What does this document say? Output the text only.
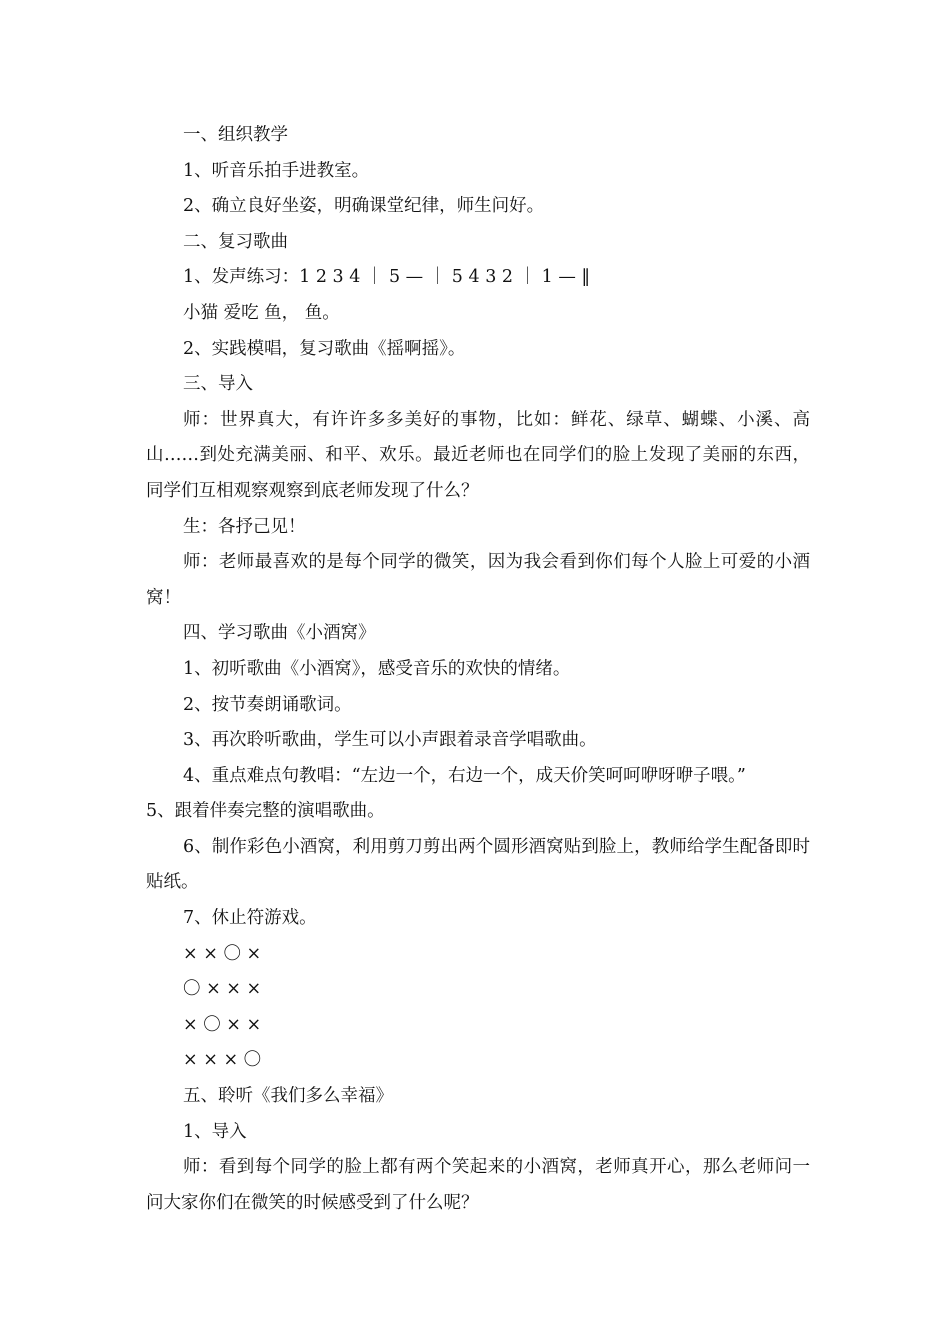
一、组织教学

1、听音乐拍手进教室。

2、确立良好坐姿，明确课堂纪律，师生问好。

二、复习歌曲

1、发声练习：1 2 3 4 ｜ 5 — ｜ 5 4 3 2 ｜ 1 — ‖

小猫 爱吃 鱼， 鱼。

2、实践模唱，复习歌曲《摇啊摇》。

三、导入

师：世界真大，有许许多多美好的事物，比如：鲜花、绿草、蝴蝶、小溪、高山……到处充满美丽、和平、欢乐。最近老师也在同学们的脸上发现了美丽的东西，同学们互相观察观察到底老师发现了什么？

生：各抒己见！

师：老师最喜欢的是每个同学的微笑，因为我会看到你们每个人脸上可爱的小酒窝！

四、学习歌曲《小酒窝》

1、初听歌曲《小酒窝》，感受音乐的欢快的情绪。

2、按节奏朗诵歌词。

3、再次聆听歌曲，学生可以小声跟着录音学唱歌曲。

4、重点难点句教唱：“左边一个，右边一个，成天价笑呵呵咿呀咿子喂。”

5、跟着伴奏完整的演唱歌曲。

6、制作彩色小酒窝，利用剪刀剪出两个圆形酒窝贴到脸上，教师给学生配备即时贴纸。

7、休止符游戏。

× × 〇 ×

〇 × × ×

× 〇 × ×

× × × 〇

五、聆听《我们多么幸福》

1、导入

师：看到每个同学的脸上都有两个笑起来的小酒窝，老师真开心，那么老师问一问大家你们在微笑的时候感受到了什么呢？
